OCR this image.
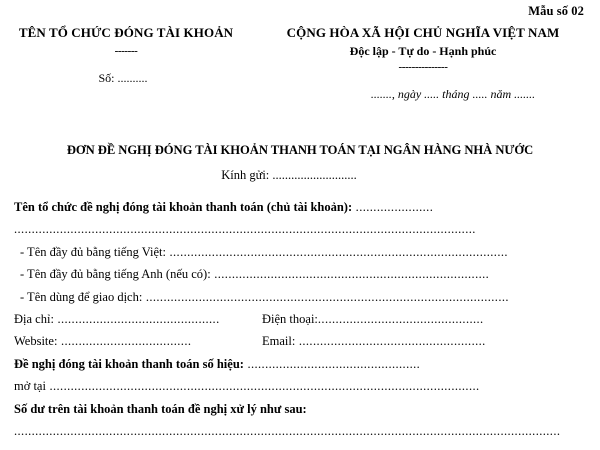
Mẫu số 02
TÊN TỔ CHỨC ĐÓNG TÀI KHOẢN
-------
Số: ..........
CỘNG HÒA XÃ HỘI CHỦ NGHĨA VIỆT NAM
Độc lập - Tự do - Hạnh phúc
---------------
......., ngày ..... tháng ..... năm .......
ĐƠN ĐỀ NGHỊ ĐÓNG TÀI KHOẢN THANH TOÁN TẠI NGÂN HÀNG NHÀ NƯỚC
Kính gửi: ...........................
Tên tổ chức đề nghị đóng tài khoản thanh toán (chủ tài khoản): ......................
...................................................................................................................................
- Tên đầy đủ bằng tiếng Việt: ................................................................................................
- Tên đầy đủ bằng tiếng Anh (nếu có): ..............................................................................
- Tên dùng để giao dịch: .......................................................................................................
Địa chỉ: ..............................................	Điện thoại:...............................................
Website: .....................................	Email: .....................................................
Đề nghị đóng tài khoản thanh toán số hiệu: .................................................
mở tại ..........................................................................................................................
Số dư trên tài khoản thanh toán đề nghị xử lý như sau:
...........................................................................................................................................................
